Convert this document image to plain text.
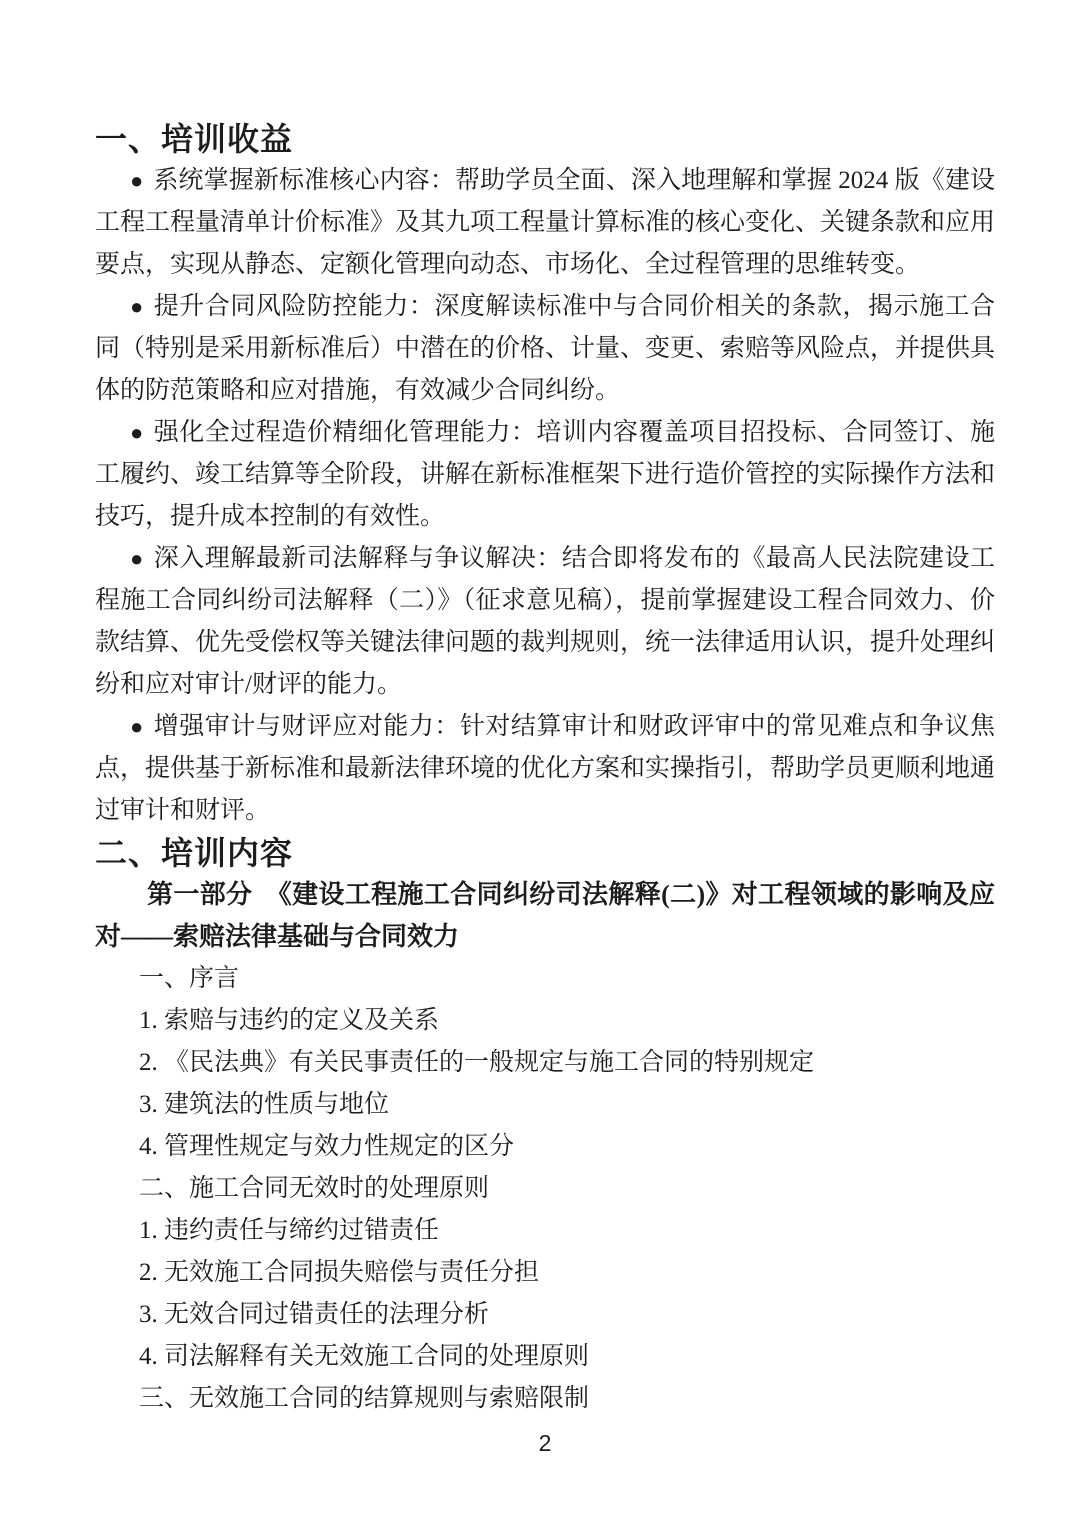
一、培训收益

● 系统掌握新标准核心内容：帮助学员全面、深入地理解和掌握 2024 版《建设工程工程量清单计价标准》及其九项工程量计算标准的核心变化、关键条款和应用要点，实现从静态、定额化管理向动态、市场化、全过程管理的思维转变。

● 提升合同风险防控能力：深度解读标准中与合同价相关的条款，揭示施工合同（特别是采用新标准后）中潜在的价格、计量、变更、索赔等风险点，并提供具体的防范策略和应对措施，有效减少合同纠纷。

● 强化全过程造价精细化管理能力：培训内容覆盖项目招投标、合同签订、施工履约、竣工结算等全阶段，讲解在新标准框架下进行造价管控的实际操作方法和技巧，提升成本控制的有效性。

● 深入理解最新司法解释与争议解决：结合即将发布的《最高人民法院建设工程施工合同纠纷司法解释（二）》（征求意见稿），提前掌握建设工程合同效力、价款结算、优先受偿权等关键法律问题的裁判规则，统一法律适用认识，提升处理纠纷和应对审计/财评的能力。

● 增强审计与财评应对能力：针对结算审计和财政评审中的常见难点和争议焦点，提供基于新标准和最新法律环境的优化方案和实操指引，帮助学员更顺利地通过审计和财评。

二、培训内容

第一部分　《建设工程施工合同纠纷司法解释(二)》对工程领域的影响及应对——索赔法律基础与合同效力

一、序言

1. 索赔与违约的定义及关系

2. 《民法典》有关民事责任的一般规定与施工合同的特别规定

3. 建筑法的性质与地位

4. 管理性规定与效力性规定的区分

二、施工合同无效时的处理原则

1. 违约责任与缔约过错责任

2. 无效施工合同损失赔偿与责任分担

3. 无效合同过错责任的法理分析

4. 司法解释有关无效施工合同的处理原则

三、无效施工合同的结算规则与索赔限制

2
